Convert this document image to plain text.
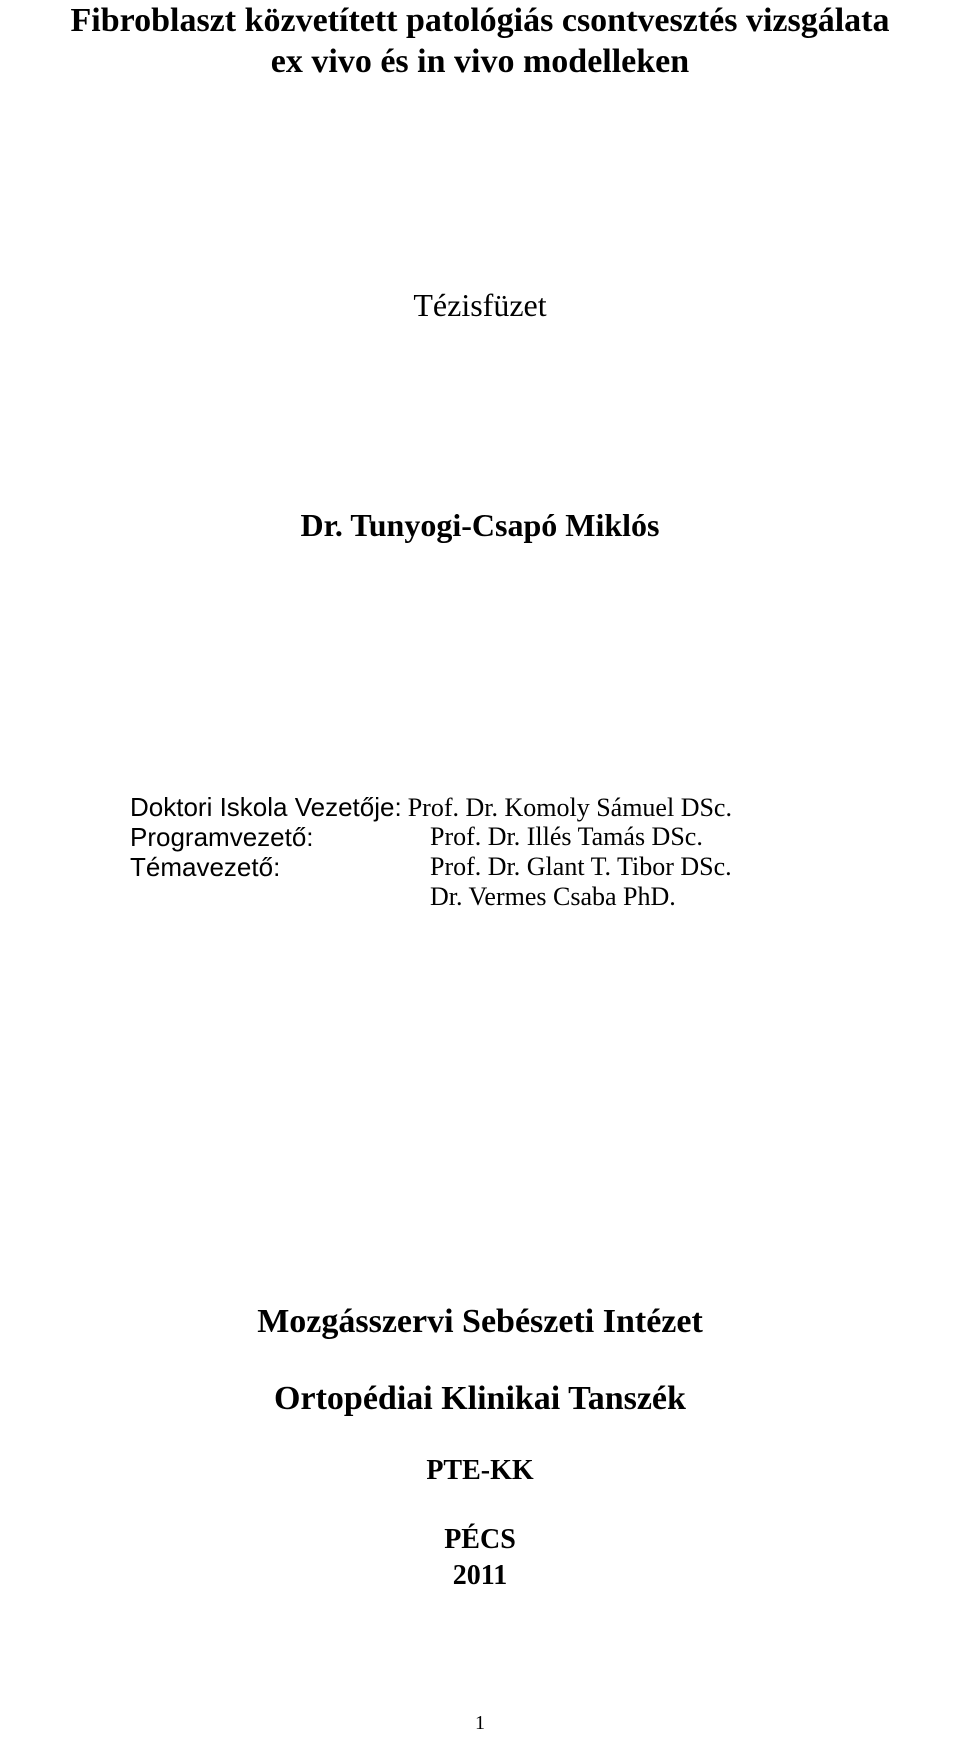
Fibroblaszt közvetített patológiás csontvesztés vizsgálata
ex vivo és in vivo modelleken
Tézisfüzet
Dr. Tunyogi-Csapó Miklós
Doktori Iskola Vezetője: Prof. Dr. Komoly Sámuel DSc.
Programvezető:	Prof. Dr. Illés Tamás DSc.
Témavezető:	Prof. Dr. Glant T. Tibor DSc.
Dr. Vermes Csaba PhD.
Mozgásszervi Sebészeti Intézet
Ortopédiai Klinikai Tanszék
PTE-KK
PÉCS
2011
1
